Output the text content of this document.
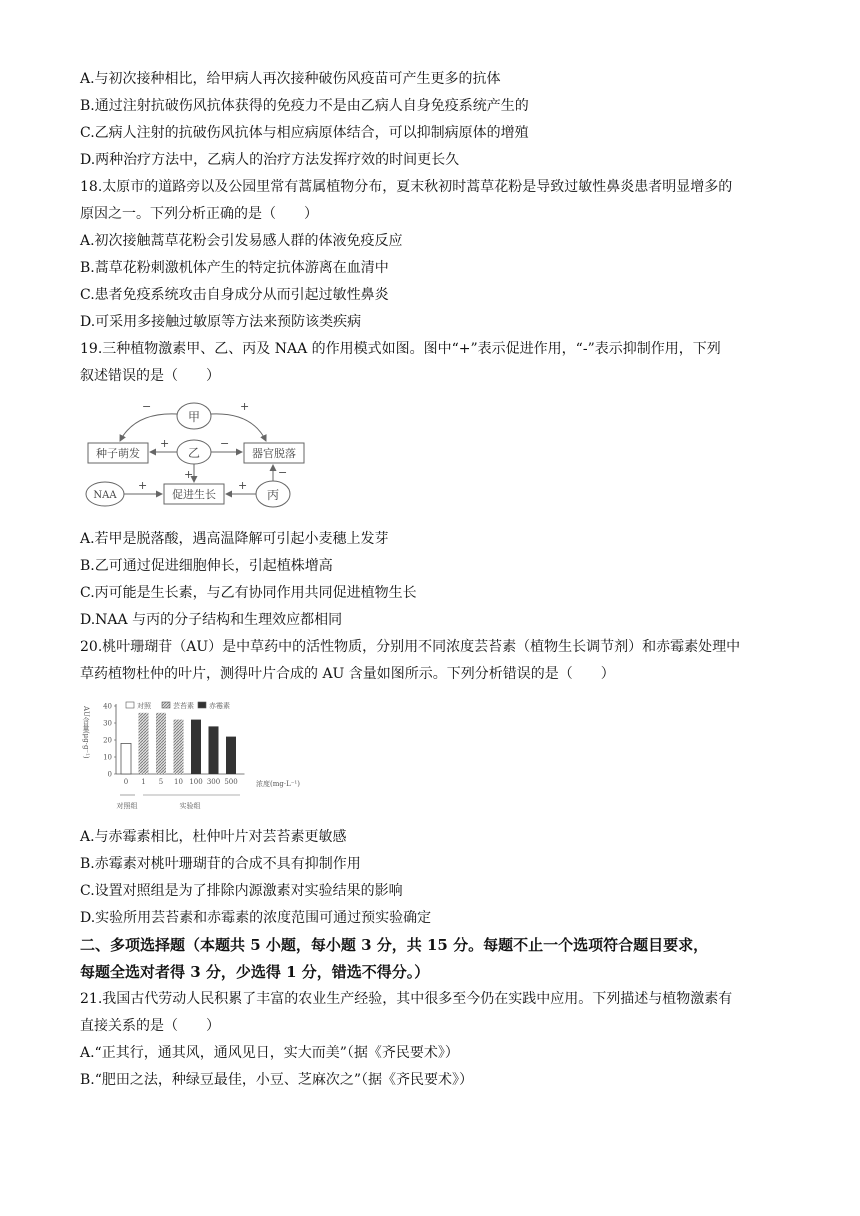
A.与初次接种相比，给甲病人再次接种破伤风疫苗可产生更多的抗体
B.通过注射抗破伤风抗体获得的免疫力不是由乙病人自身免疫系统产生的
C.乙病人注射的抗破伤风抗体与相应病原体结合，可以抑制病原体的增殖
D.两种治疗方法中，乙病人的治疗方法发挥疗效的时间更长久
18.太原市的道路旁以及公园里常有蒿属植物分布，夏末秋初时蒿草花粉是导致过敏性鼻炎患者明显增多的
原因之一。下列分析正确的是（　　）
A.初次接触蒿草花粉会引发易感人群的体液免疫反应
B.蒿草花粉刺激机体产生的特定抗体游离在血清中
C.患者免疫系统攻击自身成分从而引起过敏性鼻炎
D.可采用多接触过敏原等方法来预防该类疾病
19.三种植物激素甲、乙、丙及 NAA 的作用模式如图。图中“+”表示促进作用，“-”表示抑制作用，下列
叙述错误的是（　　）
甲
乙
丙
NAA
种子萌发	器官脱落
促进生长
−	+
+	−
+
+	+
−
A.若甲是脱落酸，遇高温降解可引起小麦穗上发芽
B.乙可通过促进细胞伸长，引起植株增高
C.丙可能是生长素，与乙有协同作用共同促进植物生长
D.NAA 与丙的分子结构和生理效应都相同
20.桃叶珊瑚苷（AU）是中草药中的活性物质，分别用不同浓度芸苔素（植物生长调节剂）和赤霉素处理中
草药植物杜仲的叶片，测得叶片合成的 AU 含量如图所示。下列分析错误的是（　　）
AU含量(μg·g⁻¹)
0
10
20
30
40
0 1 5 10 100 300 500
对照	芸苔素 赤霉素
浓度(mg·L⁻¹)
对照组	实验组
A.与赤霉素相比，杜仲叶片对芸苔素更敏感
B.赤霉素对桃叶珊瑚苷的合成不具有抑制作用
C.设置对照组是为了排除内源激素对实验结果的影响
D.实验所用芸苔素和赤霉素的浓度范围可通过预实验确定
二、多项选择题（本题共 5 小题，每小题 3 分，共 15 分。每题不止一个选项符合题目要求，
每题全选对者得 3 分，少选得 1 分，错选不得分。）
21.我国古代劳动人民积累了丰富的农业生产经验，其中很多至今仍在实践中应用。下列描述与植物激素有
直接关系的是（　　）
A.“正其行，通其风，通风见日，实大而美”（据《齐民要术》）
B.“肥田之法，种绿豆最佳，小豆、芝麻次之”（据《齐民要术》）
